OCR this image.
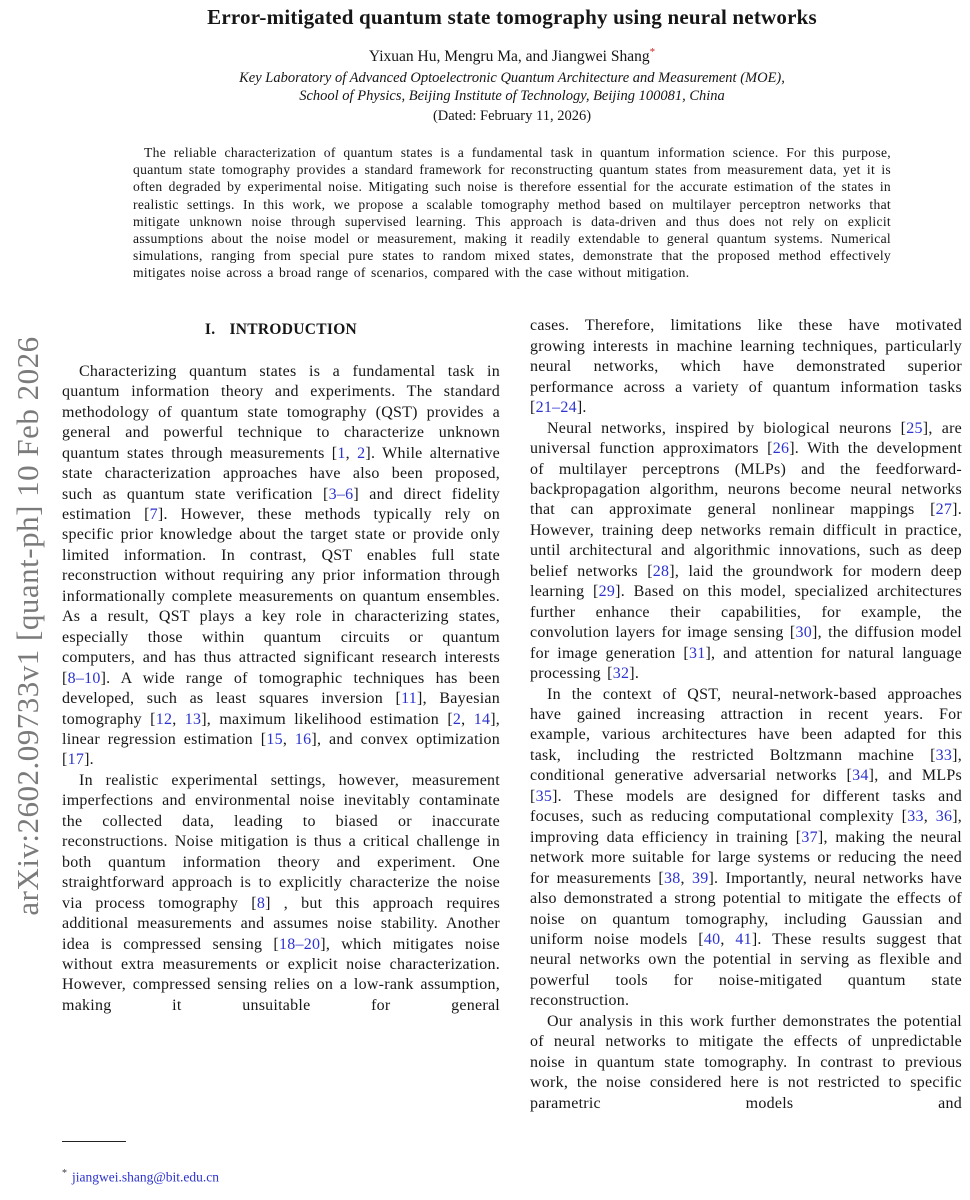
arXiv:2602.09733v1 [quant-ph] 10 Feb 2026
Error-mitigated quantum state tomography using neural networks
Yixuan Hu, Mengru Ma, and Jiangwei Shang*
Key Laboratory of Advanced Optoelectronic Quantum Architecture and Measurement (MOE),
School of Physics, Beijing Institute of Technology, Beijing 100081, China
(Dated: February 11, 2026)
The reliable characterization of quantum states is a fundamental task in quantum information science. For this purpose, quantum state tomography provides a standard framework for reconstructing quantum states from measurement data, yet it is often degraded by experimental noise. Mitigating such noise is therefore essential for the accurate estimation of the states in realistic settings. In this work, we propose a scalable tomography method based on multilayer perceptron networks that mitigate unknown noise through supervised learning. This approach is data-driven and thus does not rely on explicit assumptions about the noise model or measurement, making it readily extendable to general quantum systems. Numerical simulations, ranging from special pure states to random mixed states, demonstrate that the proposed method effectively mitigates noise across a broad range of scenarios, compared with the case without mitigation.
I. INTRODUCTION

Characterizing quantum states is a fundamental task in quantum information theory and experiments. The standard methodology of quantum state tomography (QST) provides a general and powerful technique to characterize unknown quantum states through measurements [1, 2]. While alternative state characterization approaches have also been proposed, such as quantum state verification [3–6] and direct fidelity estimation [7]. However, these methods typically rely on specific prior knowledge about the target state or provide only limited information. In contrast, QST enables full state reconstruction without requiring any prior information through informationally complete measurements on quantum ensembles. As a result, QST plays a key role in characterizing states, especially those within quantum circuits or quantum computers, and has thus attracted significant research interests [8–10]. A wide range of tomographic techniques has been developed, such as least squares inversion [11], Bayesian tomography [12, 13], maximum likelihood estimation [2, 14], linear regression estimation [15, 16], and convex optimization [17].

In realistic experimental settings, however, measurement imperfections and environmental noise inevitably contaminate the collected data, leading to biased or inaccurate reconstructions. Noise mitigation is thus a critical challenge in both quantum information theory and experiment. One straightforward approach is to explicitly characterize the noise via process tomography [8] , but this approach requires additional measurements and assumes noise stability. Another idea is compressed sensing [18–20], which mitigates noise without extra measurements or explicit noise characterization. However, compressed sensing relies on a low-rank assumption, making it unsuitable for general

cases. Therefore, limitations like these have motivated growing interests in machine learning techniques, particularly neural networks, which have demonstrated superior performance across a variety of quantum information tasks [21–24].

Neural networks, inspired by biological neurons [25], are universal function approximators [26]. With the development of multilayer perceptrons (MLPs) and the feedforward-backpropagation algorithm, neurons become neural networks that can approximate general nonlinear mappings [27]. However, training deep networks remain difficult in practice, until architectural and algorithmic innovations, such as deep belief networks [28], laid the groundwork for modern deep learning [29]. Based on this model, specialized architectures further enhance their capabilities, for example, the convolution layers for image sensing [30], the diffusion model for image generation [31], and attention for natural language processing [32].

In the context of QST, neural-network-based approaches have gained increasing attraction in recent years. For example, various architectures have been adapted for this task, including the restricted Boltzmann machine [33], conditional generative adversarial networks [34], and MLPs [35]. These models are designed for different tasks and focuses, such as reducing computational complexity [33, 36], improving data efficiency in training [37], making the neural network more suitable for large systems or reducing the need for measurements [38, 39]. Importantly, neural networks have also demonstrated a strong potential to mitigate the effects of noise on quantum tomography, including Gaussian and uniform noise models [40, 41]. These results suggest that neural networks own the potential in serving as flexible and powerful tools for noise-mitigated quantum state reconstruction.

Our analysis in this work further demonstrates the potential of neural networks to mitigate the effects of unpredictable noise in quantum state tomography. In contrast to previous work, the noise considered here is not restricted to specific parametric models and

* jiangwei.shang@bit.edu.cn
